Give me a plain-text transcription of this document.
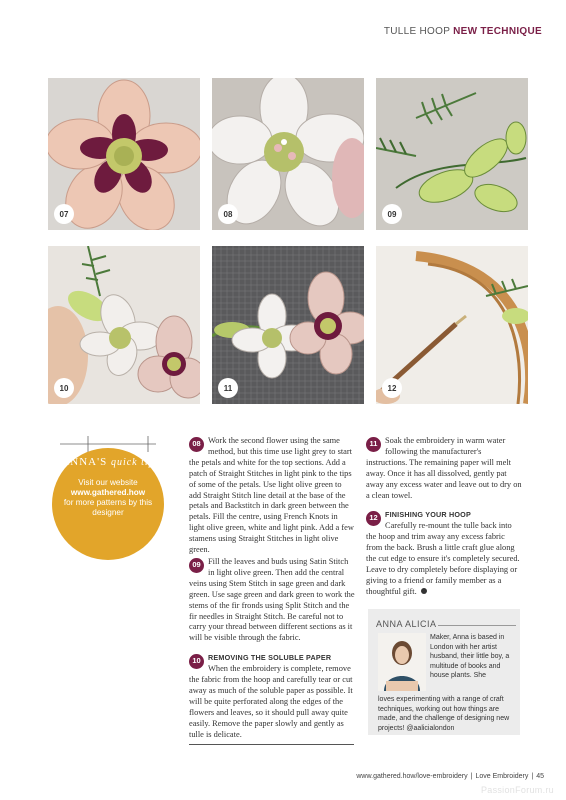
TULLE HOOP NEW TECHNIQUE
07	08	09
10	11	12
ANNA'S quick tip
Visit our website
www.gathered.how
for more patterns by this designer
08 Work the second flower using the same method, but this time use light grey to start the petals and white for the top sections. Add a patch of Straight Stitches in light pink to the tips of some of the petals. Use light olive green to add Straight Stitch line detail at the base of the petals and Backstitch in dark green between the petals. Fill the centre, using French Knots in light olive green, white and light pink. Add a few stamens using Straight Stitches in light olive green.
09 Fill the leaves and buds using Satin Stitch in light olive green. Then add the central veins using Stem Stitch in sage green and dark green. Use sage green and dark green to work the stems of the fir fronds using Split Stitch and the fir needles in Straight Stitch. Be careful not to carry your thread between different sections as it will be visible through the fabric.
10	REMOVING THE SOLUBLE PAPER
When the embroidery is complete, remove the fabric from the hoop and carefully tear or cut away as much of the soluble paper as possible. It will be quite perforated along the edges of the flowers and leaves, so it should pull away quite easily. Remove the paper slowly and gently as tulle is delicate.
11 Soak the embroidery in warm water following the manufacturer's instructions. The remaining paper will melt away. Once it has all dissolved, gently pat away any excess water and leave out to dry on a clean towel.
12	FINISHING YOUR HOOP
Carefully re-mount the tulle back into the hoop and trim away any excess fabric from the back. Brush a little craft glue along the cut edge to ensure it's completely secured. Leave to dry completely before displaying or giving to a friend or family member as a thoughtful gift.
ANNA ALICIA
Maker, Anna is based in London with her artist husband, their little boy, a multitude of books and house plants. She
loves experimenting with a range of craft techniques, working out how things are made, and the challenge of designing new projects! @aalicialondon
www.gathered.how/love-embroidery | Love Embroidery | 45
PassionForum.ru
